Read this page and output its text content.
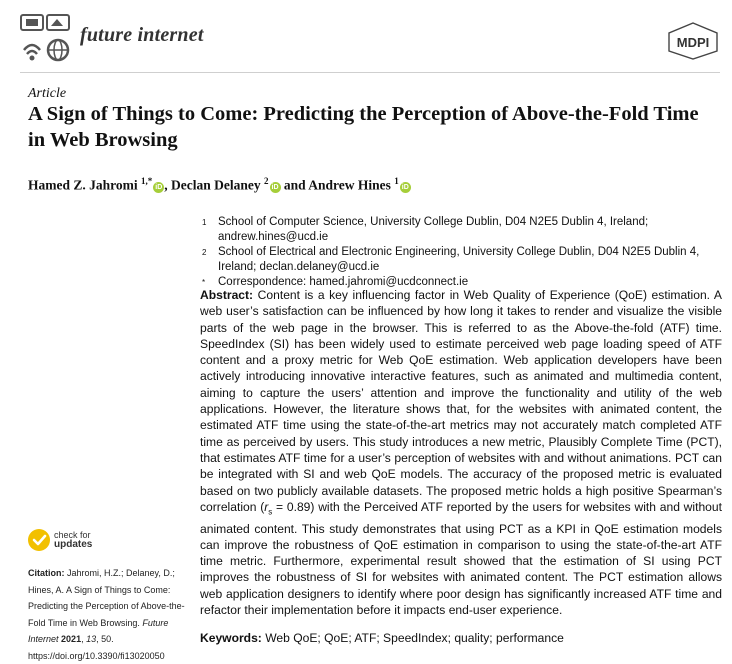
future internet	MDPI
Article
A Sign of Things to Come: Predicting the Perception of Above-the-Fold Time in Web Browsing
Hamed Z. Jahromi $^{1,*}$iD , Declan Delaney $^2$iD and Andrew Hines $^1$iD
1	School of Computer Science, University College Dublin, D04 N2E5 Dublin 4, Ireland; andrew.hines@ucd.ie
2	School of Electrical and Electronic Engineering, University College Dublin, D04 N2E5 Dublin 4, Ireland; declan.delaney@ucd.ie
*	Correspondence: hamed.jahromi@ucdconnect.ie
Abstract: Content is a key influencing factor in Web Quality of Experience (QoE) estimation. A web user’s satisfaction can be influenced by how long it takes to render and visualize the visible parts of the web page in the browser. This is referred to as the Above-the-fold (ATF) time. SpeedIndex (SI) has been widely used to estimate perceived web page loading speed of ATF content and a proxy metric for Web QoE estimation. Web application developers have been actively introducing innovative interactive features, such as animated and multimedia content, aiming to capture the users’ attention and improve the functionality and utility of the web applications. However, the literature shows that, for the websites with animated content, the estimated ATF time using the state-of-the-art metrics may not accurately match completed ATF time as perceived by users. This study introduces a new metric, Plausibly Complete Time (PCT), that estimates ATF time for a user’s perception of websites with and without animations. PCT can be integrated with SI and web QoE models. The accuracy of the proposed metric is evaluated based on two publicly available datasets. The proposed metric holds a high positive Spearman’s correlation $(r_s = 0.89)$ with the Perceived ATF reported by the users for websites with and without animated content. This study demonstrates that using PCT as a KPI in QoE estimation models can improve the robustness of QoE estimation in comparison to using the state-of-the-art ATF time metric. Furthermore, experimental result showed that the estimation of SI using PCT improves the robustness of SI for websites with animated content. The PCT estimation allows web application designers to identify where poor design has significantly increased ATF time and refactor their implementation before it impacts end-user experience.
Keywords: Web QoE; QoE; ATF; SpeedIndex; quality; performance
check for
updates
Citation: Jahromi, H.Z.; Delaney, D.; Hines, A. A Sign of Things to Come: Predicting the Perception of Above-the-Fold Time in Web Browsing. Future Internet 2021, 13, 50. https://doi.org/10.3390/fi13020050
